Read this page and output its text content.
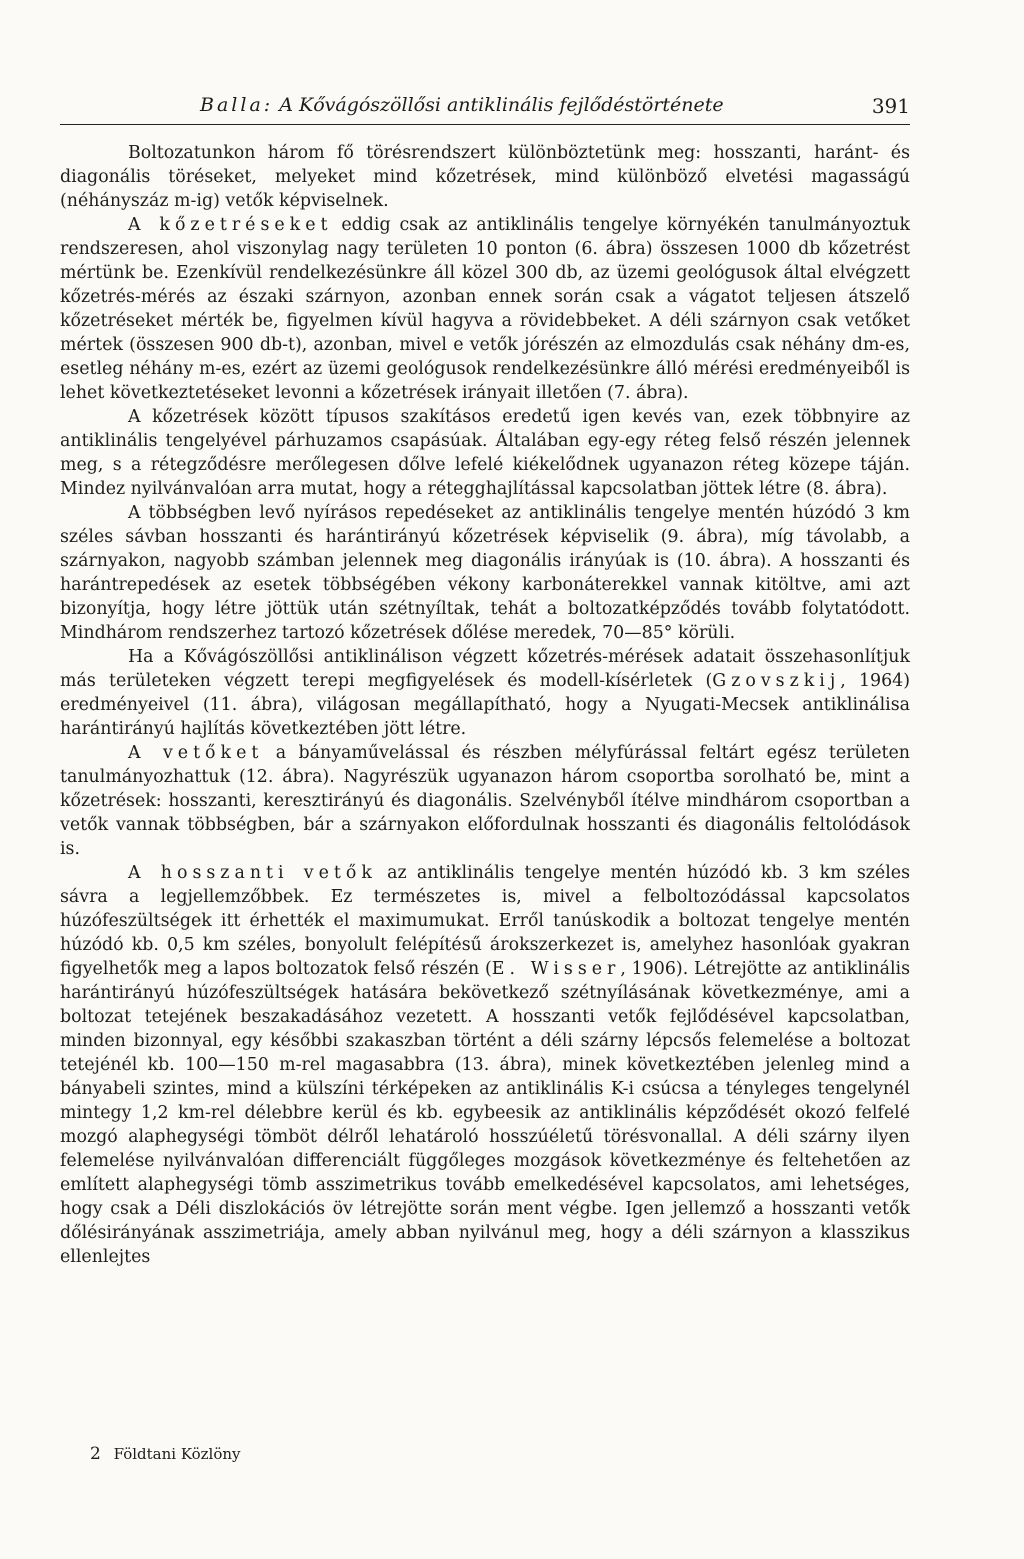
Balla: A Kővágószöllősi antiklinális fejlődéstörténete	391

Boltozatunkon három fő törésrendszert különböztetünk meg: hosszanti, haránt- és diagonális töréseket, melyeket mind kőzetrések, mind különböző elvetési magasságú (néhányszáz m-ig) vetők képviselnek.

A kőzetréseket eddig csak az antiklinális tengelye környékén tanulmányoztuk rendszeresen, ahol viszonylag nagy területen 10 ponton (6. ábra) összesen 1000 db kőzetrést mértünk be. Ezenkívül rendelkezésünkre áll közel 300 db, az üzemi geológusok által elvégzett kőzetrés-mérés az északi szárnyon, azonban ennek során csak a vágatot teljesen átszelő kőzetréseket mérték be, figyelmen kívül hagyva a rövidebbeket. A déli szárnyon csak vetőket mértek (összesen 900 db-t), azonban, mivel e vetők jórészén az elmozdulás csak néhány dm-es, esetleg néhány m-es, ezért az üzemi geológusok rendelkezésünkre álló mérési eredményeiből is lehet következtetéseket levonni a kőzetrések irányait illetően (7. ábra).

A kőzetrések között típusos szakításos eredetű igen kevés van, ezek többnyire az antiklinális tengelyével párhuzamos csapásúak. Általában egy-egy réteg felső részén jelennek meg, s a rétegződésre merőlegesen dőlve lefelé kiékelődnek ugyanazon réteg közepe táján. Mindez nyilvánvalóan arra mutat, hogy a rétegghajlítással kapcsolatban jöttek létre (8. ábra).

A többségben levő nyírásos repedéseket az antiklinális tengelye mentén húzódó 3 km széles sávban hosszanti és harántirányú kőzetrések képviselik (9. ábra), míg távolabb, a szárnyakon, nagyobb számban jelennek meg diagonális irányúak is (10. ábra). A hosszanti és harántrepedések az esetek többségében vékony karbonáterekkel vannak kitöltve, ami azt bizonyítja, hogy létre jöttük után szétnyíltak, tehát a boltozatképződés tovább folytatódott. Mindhárom rendszerhez tartozó kőzetrések dőlése meredek, 70—85° körüli.

Ha a Kővágószöllősi antiklinálison végzett kőzetrés-mérések adatait összehasonlítjuk más területeken végzett terepi megfigyelések és modell-kísérletek (Gzovszkij, 1964) eredményeivel (11. ábra), világosan megállapítható, hogy a Nyugati-Mecsek antiklinálisa harántirányú hajlítás következtében jött létre.

A vetőket a bányaművelással és részben mélyfúrással feltárt egész területen tanulmányozhattuk (12. ábra). Nagyrészük ugyanazon három csoportba sorolható be, mint a kőzetrések: hosszanti, keresztirányú és diagonális. Szelvényből ítélve mindhárom csoportban a vetők vannak többségben, bár a szárnyakon előfordulnak hosszanti és diagonális feltolódások is.

A hosszanti vetők az antiklinális tengelye mentén húzódó kb. 3 km széles sávra a legjellemzőbbek. Ez természetes is, mivel a felboltozódással kapcsolatos húzófeszültségek itt érhették el maximumukat. Erről tanúskodik a boltozat tengelye mentén húzódó kb. 0,5 km széles, bonyolult felépítésű árokszerkezet is, amelyhez hasonlóak gyakran figyelhetők meg a lapos boltozatok felső részén (E. Wisser, 1906). Létrejötte az antiklinális harántirányú húzófeszültségek hatására bekövetkező szétnyílásának következménye, ami a boltozat tetejének beszakadásához vezetett. A hosszanti vetők fejlődésével kapcsolatban, minden bizonnyal, egy későbbi szakaszban történt a déli szárny lépcsős felemelése a boltozat tetejénél kb. 100—150 m-rel magasabbra (13. ábra), minek következtében jelenleg mind a bányabeli szintes, mind a külszíni térképeken az antiklinális K-i csúcsa a tényleges tengelynél mintegy 1,2 km-rel délebbre kerül és kb. egybeesik az antiklinális képződését okozó felfelé mozgó alaphegységi tömböt délről lehatároló hosszúéletű törésvonallal. A déli szárny ilyen felemelése nyilvánvalóan differenciált függőleges mozgások következménye és feltehetően az említett alaphegységi tömb asszimetrikus tovább emelkedésével kapcsolatos, ami lehetséges, hogy csak a Déli diszlokációs öv létrejötte során ment végbe. Igen jellemző a hosszanti vetők dőlésirányának asszimetriája, amely abban nyilvánul meg, hogy a déli szárnyon a klasszikus ellenlejtes

2 Földtani Közlöny
